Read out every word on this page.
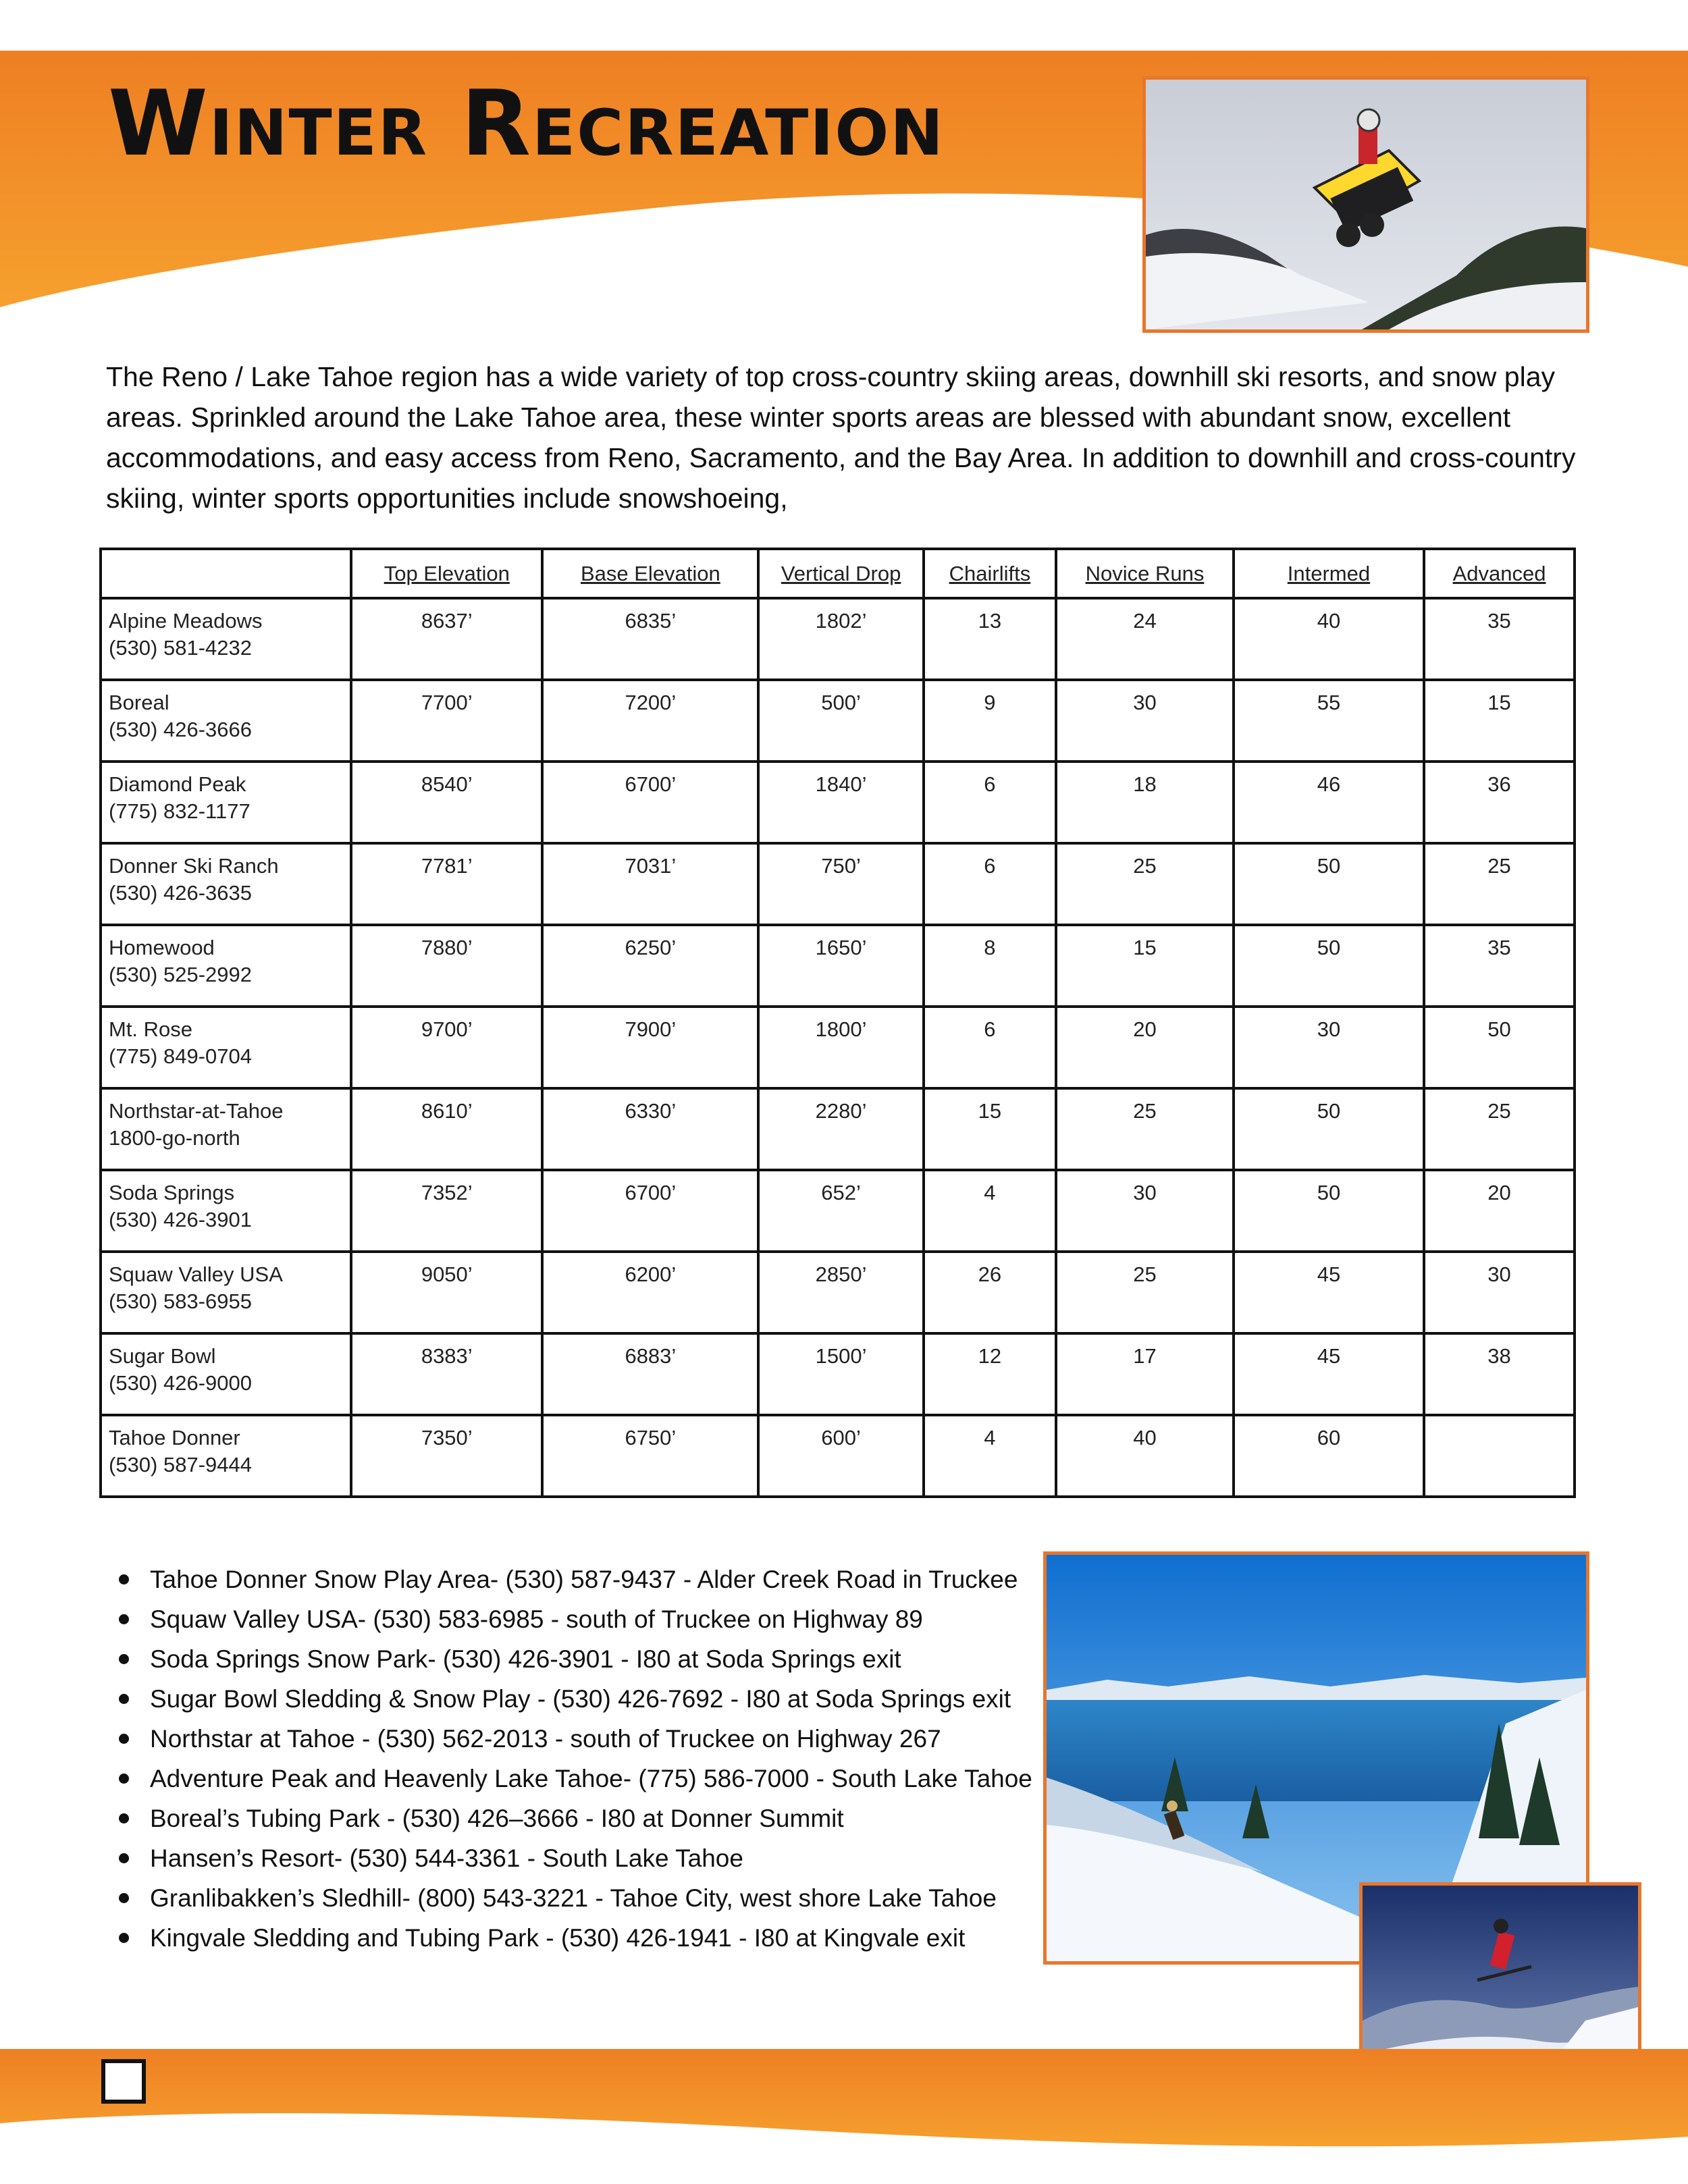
Winter Recreation

The Reno / Lake Tahoe region has a wide variety of top cross-country skiing areas, downhill ski resorts, and snow play areas. Sprinkled around the Lake Tahoe area, these winter sports areas are blessed with abundant snow, excellent accommodations, and easy access from Reno, Sacramento, and the Bay Area. In addition to downhill and cross-country skiing, winter sports opportunities include snowshoeing,

	Top Elevation	Base Elevation	Vertical Drop	Chairlifts	Novice Runs	Intermed	Advanced

Alpine Meadows
(530) 581-4232	8637’	6835’	1802’	13	24	40	35

Boreal
(530) 426-3666	7700’	7200’	500’	9	30	55	15

Diamond Peak
(775) 832-1177	8540’	6700’	1840’	6	18	46	36

Donner Ski Ranch
(530) 426-3635	7781’	7031’	750’	6	25	50	25

Homewood
(530) 525-2992	7880’	6250’	1650’	8	15	50	35

Mt. Rose
(775) 849-0704	9700’	7900’	1800’	6	20	30	50

Northstar-at-Tahoe
1800-go-north	8610’	6330’	2280’	15	25	50	25

Soda Springs
(530) 426-3901	7352’	6700’	652’	4	30	50	20

Squaw Valley USA
(530) 583-6955	9050’	6200’	2850’	26	25	45	30

Sugar Bowl
(530) 426-9000	8383’	6883’	1500’	12	17	45	38

Tahoe Donner
(530) 587-9444	7350’	6750’	600’	4	40	60	
Tahoe Donner Snow Play Area- (530) 587-9437 - Alder Creek Road in Truckee
Squaw Valley USA- (530) 583-6985 - south of Truckee on Highway 89
Soda Springs Snow Park- (530) 426-3901 - I80 at Soda Springs exit
Sugar Bowl Sledding & Snow Play - (530) 426-7692 - I80 at Soda Springs exit
Northstar at Tahoe - (530) 562-2013 - south of Truckee on Highway 267
Adventure Peak and Heavenly Lake Tahoe- (775) 586-7000 - South Lake Tahoe
Boreal’s Tubing Park - (530) 426–3666 - I80 at Donner Summit
Hansen’s Resort- (530) 544-3361 - South Lake Tahoe
Granlibakken’s Sledhill- (800) 543-3221 - Tahoe City, west shore Lake Tahoe
Kingvale Sledding and Tubing Park - (530) 426-1941 - I80 at Kingvale exit
